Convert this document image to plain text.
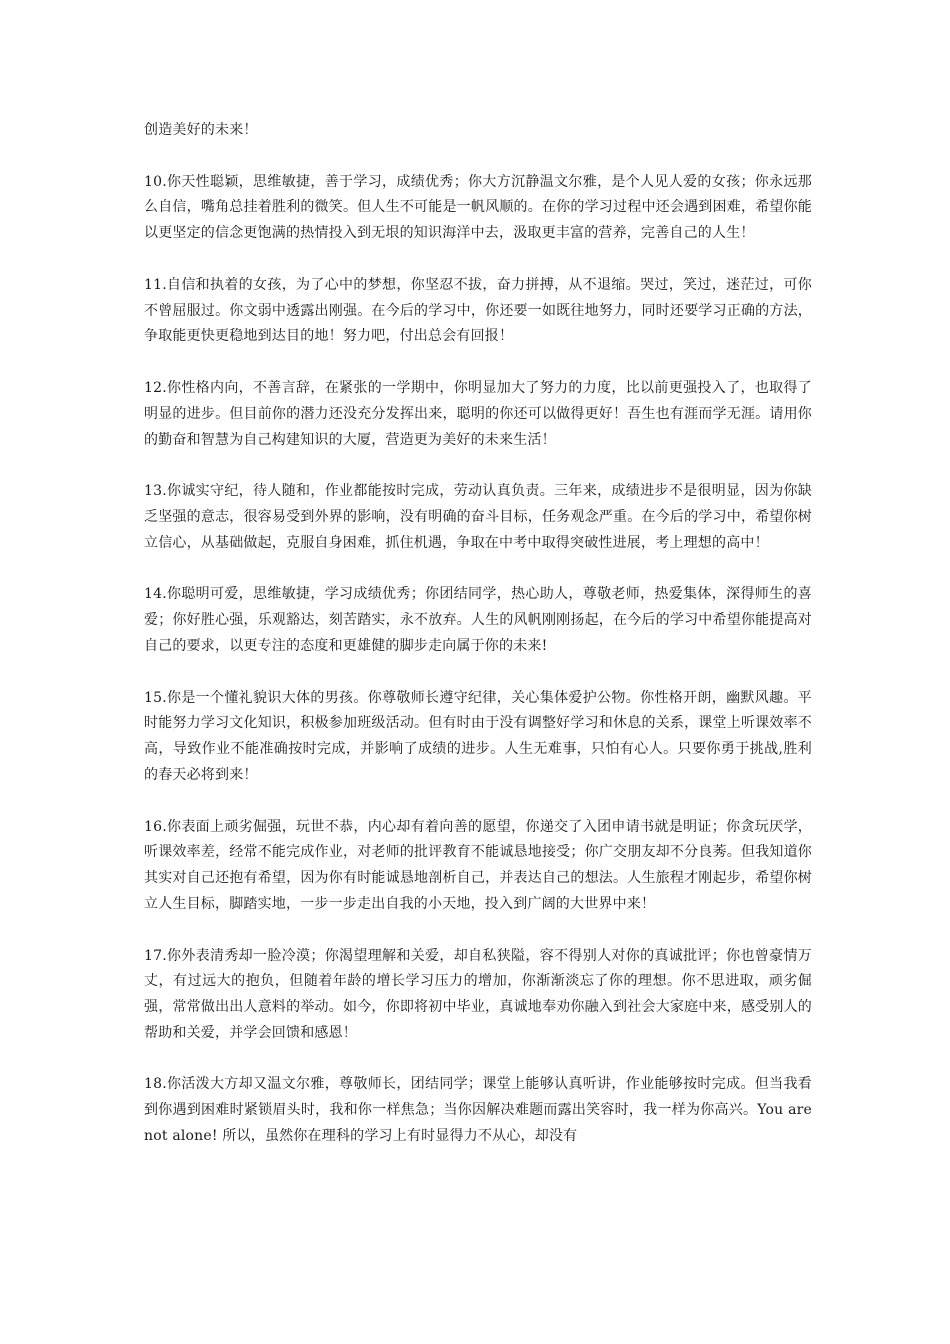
创造美好的未来！

10.你天性聪颖，思维敏捷，善于学习，成绩优秀；你大方沉静温文尔雅，是个人见人爱的女孩；你永远那么自信，嘴角总挂着胜利的微笑。但人生不可能是一帆风顺的。在你的学习过程中还会遇到困难，希望你能以更坚定的信念更饱满的热情投入到无垠的知识海洋中去，汲取更丰富的营养，完善自己的人生！

11.自信和执着的女孩，为了心中的梦想，你坚忍不拔，奋力拼搏，从不退缩。哭过，笑过，迷茫过，可你不曾屈服过。你文弱中透露出刚强。在今后的学习中，你还要一如既往地努力，同时还要学习正确的方法，争取能更快更稳地到达目的地！努力吧，付出总会有回报！

12.你性格内向，不善言辞，在紧张的一学期中，你明显加大了努力的力度，比以前更强投入了，也取得了明显的进步。但目前你的潜力还没充分发挥出来，聪明的你还可以做得更好！吾生也有涯而学无涯。请用你的勤奋和智慧为自己构建知识的大厦，营造更为美好的未来生活！

13.你诚实守纪，待人随和，作业都能按时完成，劳动认真负责。三年来，成绩进步不是很明显，因为你缺乏坚强的意志，很容易受到外界的影响，没有明确的奋斗目标，任务观念严重。在今后的学习中，希望你树立信心，从基础做起，克服自身困难，抓住机遇，争取在中考中取得突破性进展，考上理想的高中！

14.你聪明可爱，思维敏捷，学习成绩优秀；你团结同学，热心助人，尊敬老师，热爱集体，深得师生的喜爱；你好胜心强，乐观豁达，刻苦踏实，永不放弃。人生的风帆刚刚扬起，在今后的学习中希望你能提高对自己的要求，以更专注的态度和更雄健的脚步走向属于你的未来!

15.你是一个懂礼貌识大体的男孩。你尊敬师长遵守纪律，关心集体爱护公物。你性格开朗，幽默风趣。平时能努力学习文化知识，积极参加班级活动。但有时由于没有调整好学习和休息的关系，课堂上听课效率不高，导致作业不能准确按时完成，并影响了成绩的进步。人生无难事，只怕有心人。只要你勇于挑战,胜利的春天必将到来！

16.你表面上顽劣倔强，玩世不恭，内心却有着向善的愿望，你递交了入团申请书就是明证；你贪玩厌学，听课效率差，经常不能完成作业，对老师的批评教育不能诚恳地接受；你广交朋友却不分良莠。但我知道你其实对自己还抱有希望，因为你有时能诚恳地剖析自己，并表达自己的想法。人生旅程才刚起步，希望你树立人生目标，脚踏实地，一步一步走出自我的小天地，投入到广阔的大世界中来！

17.你外表清秀却一脸冷漠；你渴望理解和关爱，却自私狭隘，容不得别人对你的真诚批评；你也曾豪情万丈，有过远大的抱负，但随着年龄的增长学习压力的增加，你渐渐淡忘了你的理想。你不思进取，顽劣倔强，常常做出出人意料的举动。如今，你即将初中毕业，真诚地奉劝你融入到社会大家庭中来，感受别人的帮助和关爱，并学会回馈和感恩！

18.你活泼大方却又温文尔雅，尊敬师长，团结同学；课堂上能够认真听讲，作业能够按时完成。但当我看到你遇到困难时紧锁眉头时，我和你一样焦急；当你因解决难题而露出笑容时，我一样为你高兴。You are not alone! 所以，虽然你在理科的学习上有时显得力不从心，却没有
